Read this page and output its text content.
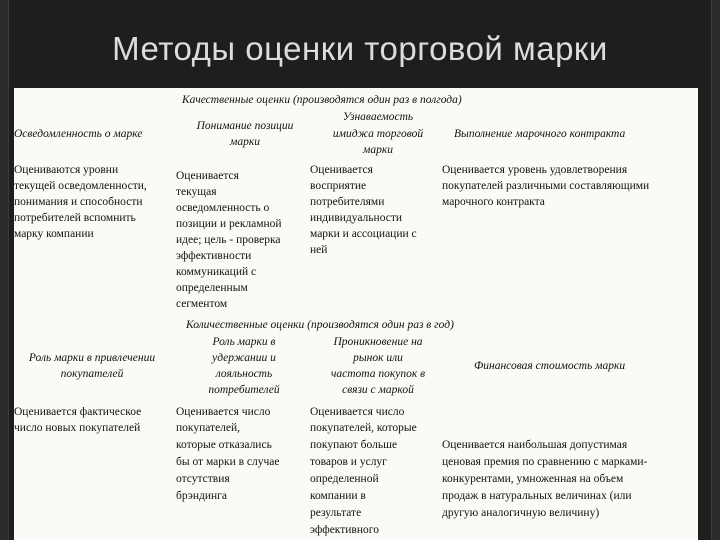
Методы оценки торговой марки
Качественные оценки (производятся один раз в полгода)
Осведомленность о марке
Понимание позиции
марки
Узнаваемость
имиджа торговой
марки
Выполнение марочного контракта
Оцениваются уровни
текущей осведомленности,
понимания и способности
потребителей вспомнить
марку компании
Оценивается
текущая
осведомленность о
позиции и рекламной
идее; цель - проверка
эффективности
коммуникаций с
определенным
сегментом
Оценивается
восприятие
потребителями
индивидуальности
марки и ассоциации с
ней
Оценивается уровень удовлетворения
покупателей различными составляющими
марочного контракта
Количественные оценки (производятся один раз в год)
Роль марки в привлечении
покупателей
Роль марки в
удержании и
лояльность
потребителей
Проникновение на
рынок или
частота покупок в
связи с маркой
Финансовая стоимость марки
Оценивается фактическое
число новых покупателей
Оценивается число
покупателей,
которые отказались
бы от марки в случае
отсутствия
брэндинга
Оценивается число
покупателей, которые
покупают больше
товаров и услуг
определенной
компании в
результате
эффективного
Оценивается наибольшая допустимая
ценовая премия по сравнению с марками-
конкурентами, умноженная на объем
продаж в натуральных величинах (или
другую аналогичную величину)
